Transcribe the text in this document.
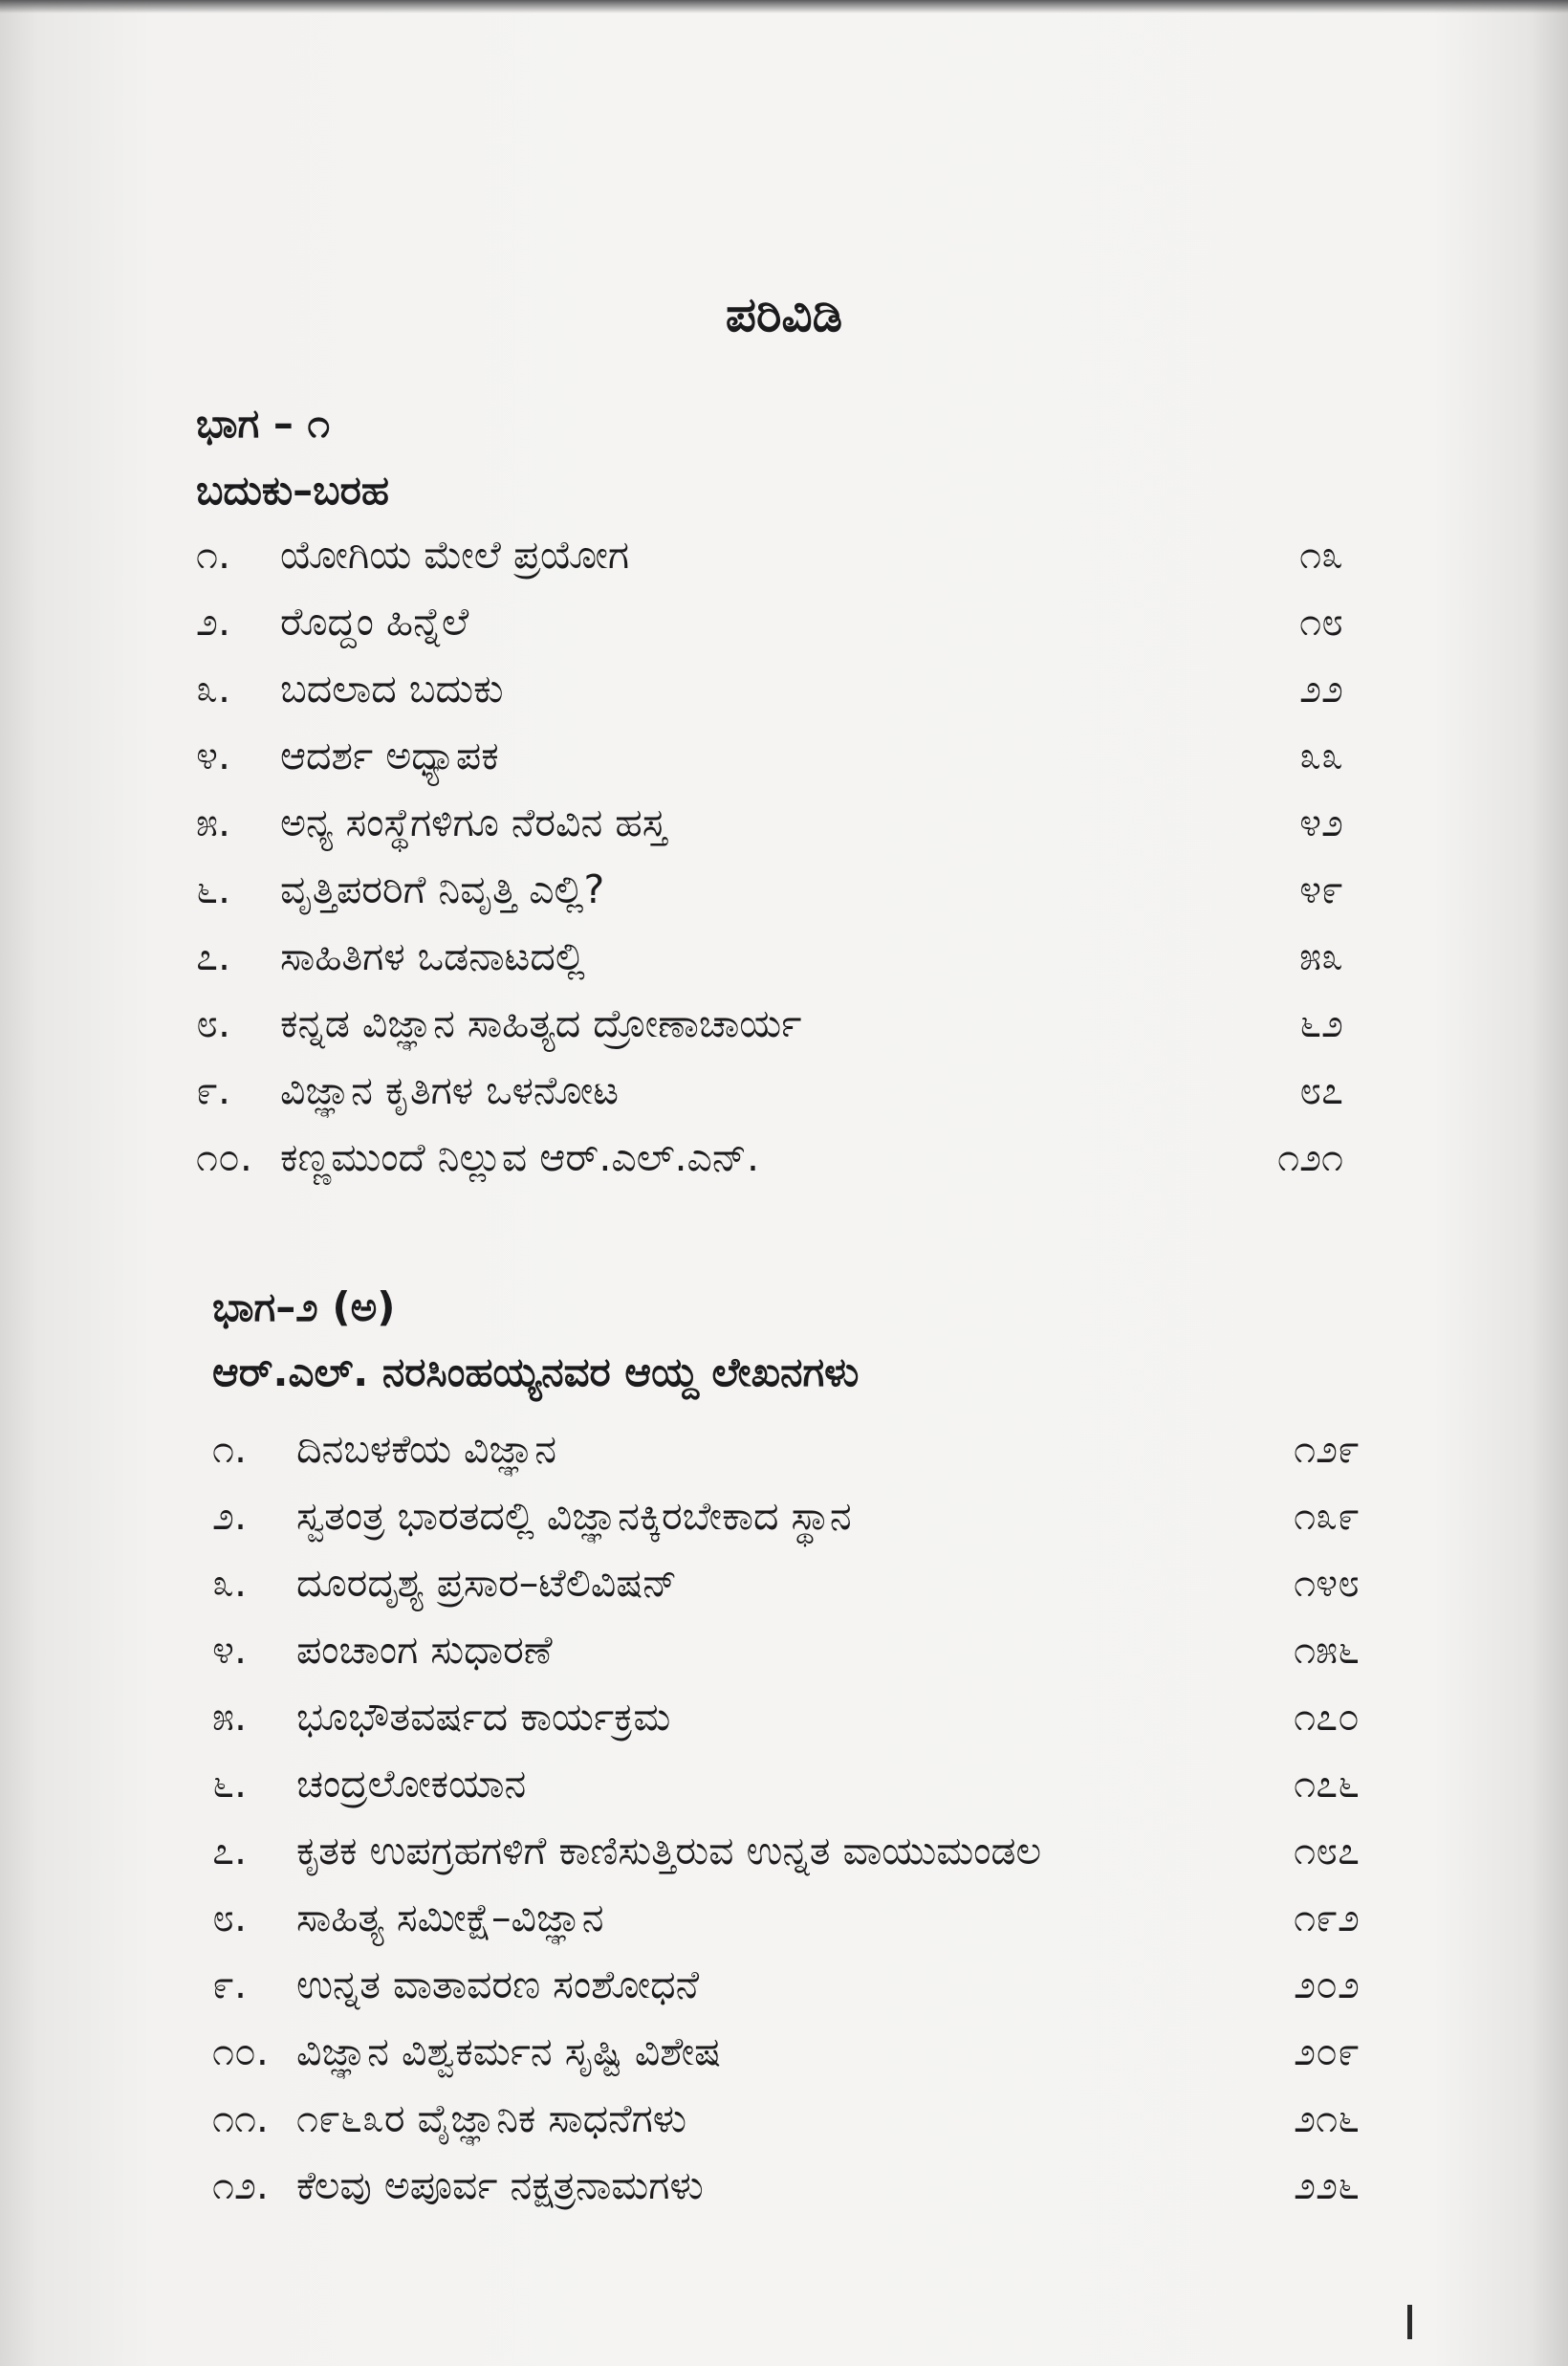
ಪರಿವಿಡಿ
ಭಾಗ – ೧
ಬದುಕು–ಬರಹ
೧. ಯೋಗಿಯ ಮೇಲೆ ಪ್ರಯೋಗ	೧೩
೨. ರೊದ್ದಂ ಹಿನ್ನೆಲೆ	೧೮
೩. ಬದಲಾದ ಬದುಕು	೨೨
೪. ಆದರ್ಶ ಅಧ್ಯಾಪಕ	೩೩
೫. ಅನ್ಯ ಸಂಸ್ಥೆಗಳಿಗೂ ನೆರವಿನ ಹಸ್ತ	೪೨
೬. ವೃತ್ತಿಪರರಿಗೆ ನಿವೃತ್ತಿ ಎಲ್ಲಿ?	೪೯
೭. ಸಾಹಿತಿಗಳ ಒಡನಾಟದಲ್ಲಿ	೫೩
೮. ಕನ್ನಡ ವಿಜ್ಞಾನ ಸಾಹಿತ್ಯದ ದ್ರೋಣಾಚಾರ್ಯ	೬೨
೯. ವಿಜ್ಞಾನ ಕೃತಿಗಳ ಒಳನೋಟ	೮೭
೧೦. ಕಣ್ಣಮುಂದೆ ನಿಲ್ಲುವ ಆರ್.ಎಲ್.ಎನ್.	೧೨೧
ಭಾಗ–೨ (ಅ)
ಆರ್.ಎಲ್. ನರಸಿಂಹಯ್ಯನವರ ಆಯ್ದ ಲೇಖನಗಳು
೧. ದಿನಬಳಕೆಯ ವಿಜ್ಞಾನ	೧೨೯
೨. ಸ್ವತಂತ್ರ ಭಾರತದಲ್ಲಿ ವಿಜ್ಞಾನಕ್ಕಿರಬೇಕಾದ ಸ್ಥಾನ	೧೩೯
೩. ದೂರದೃಶ್ಯ ಪ್ರಸಾರ–ಟೆಲಿವಿಷನ್	೧೪೮
೪. ಪಂಚಾಂಗ ಸುಧಾರಣೆ	೧೫೬
೫. ಭೂಭೌತವರ್ಷದ ಕಾರ್ಯಕ್ರಮ	೧೭೦
೬. ಚಂದ್ರಲೋಕಯಾನ	೧೭೬
೭. ಕೃತಕ ಉಪಗ್ರಹಗಳಿಗೆ ಕಾಣಿಸುತ್ತಿರುವ ಉನ್ನತ ವಾಯುಮಂಡಲ	೧೮೭
೮. ಸಾಹಿತ್ಯ ಸಮೀಕ್ಷೆ–ವಿಜ್ಞಾನ	೧೯೨
೯. ಉನ್ನತ ವಾತಾವರಣ ಸಂಶೋಧನೆ	೨೦೨
೧೦. ವಿಜ್ಞಾನ ವಿಶ್ವಕರ್ಮನ ಸೃಷ್ಟಿ ವಿಶೇಷ	೨೦೯
೧೧. ೧೯೬೩ರ ವೈಜ್ಞಾನಿಕ ಸಾಧನೆಗಳು	೨೧೬
೧೨. ಕೆಲವು ಅಪೂರ್ವ ನಕ್ಷತ್ರನಾಮಗಳು	೨೨೬
